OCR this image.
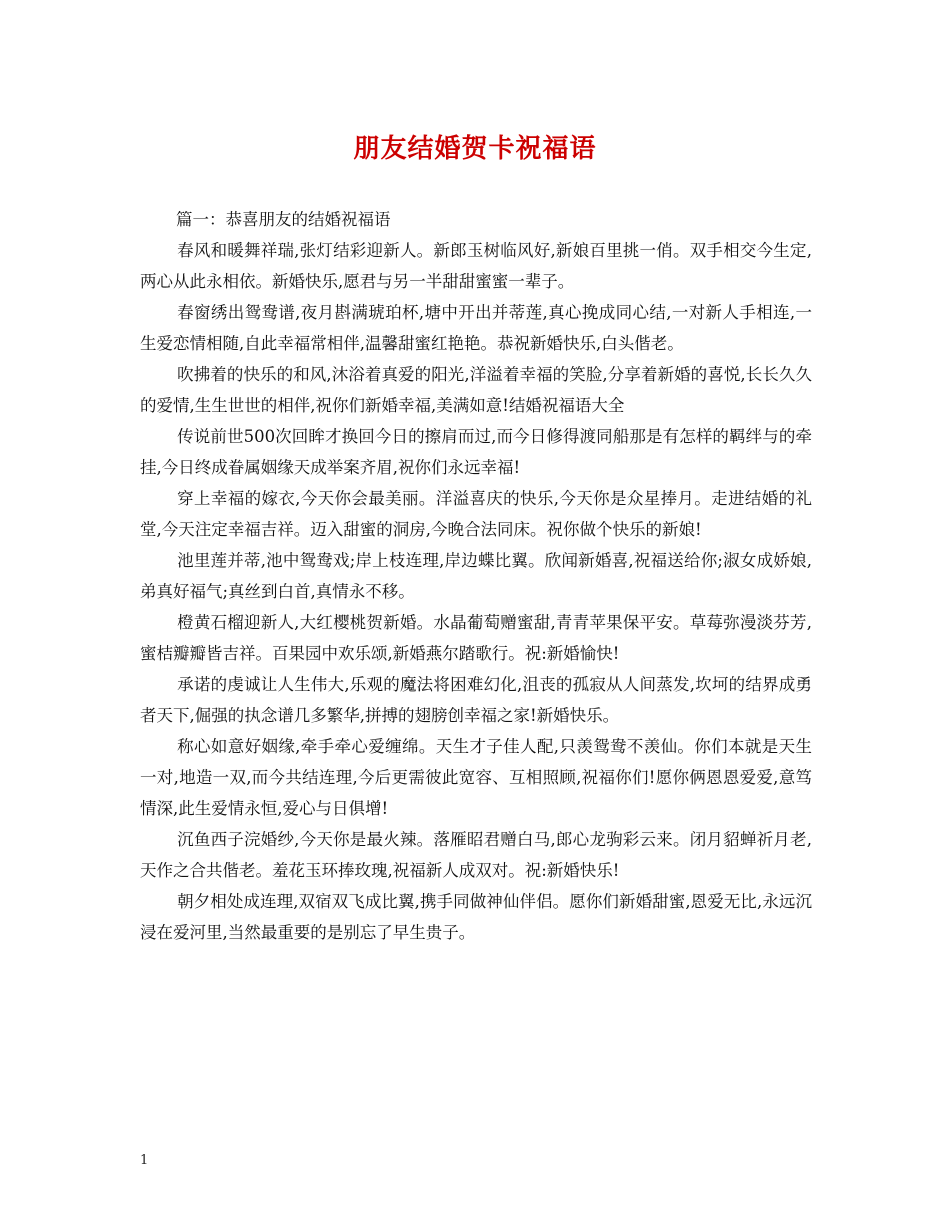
朋友结婚贺卡祝福语

篇一：恭喜朋友的结婚祝福语

春风和暖舞祥瑞,张灯结彩迎新人。新郎玉树临风好,新娘百里挑一俏。双手相交今生定,两心从此永相依。新婚快乐,愿君与另一半甜甜蜜蜜一辈子。

春窗绣出鸳鸯谱,夜月斟满琥珀杯,塘中开出并蒂莲,真心挽成同心结,一对新人手相连,一生爱恋情相随,自此幸福常相伴,温馨甜蜜红艳艳。恭祝新婚快乐,白头偕老。

吹拂着的快乐的和风,沐浴着真爱的阳光,洋溢着幸福的笑脸,分享着新婚的喜悦,长长久久的爱情,生生世世的相伴,祝你们新婚幸福,美满如意!结婚祝福语大全

传说前世500次回眸才换回今日的擦肩而过,而今日修得渡同船那是有怎样的羁绊与的牵挂,今日终成眷属姻缘天成举案齐眉,祝你们永远幸福!

穿上幸福的嫁衣,今天你会最美丽。洋溢喜庆的快乐,今天你是众星捧月。走进结婚的礼堂,今天注定幸福吉祥。迈入甜蜜的洞房,今晚合法同床。祝你做个快乐的新娘!

池里莲并蒂,池中鸳鸯戏;岸上枝连理,岸边蝶比翼。欣闻新婚喜,祝福送给你;淑女成娇娘,弟真好福气;真丝到白首,真情永不移。

橙黄石榴迎新人,大红樱桃贺新婚。水晶葡萄赠蜜甜,青青苹果保平安。草莓弥漫淡芬芳,蜜桔瓣瓣皆吉祥。百果园中欢乐颂,新婚燕尔踏歌行。祝:新婚愉快!

承诺的虔诚让人生伟大,乐观的魔法将困难幻化,沮丧的孤寂从人间蒸发,坎坷的结界成勇者天下,倔强的执念谱几多繁华,拼搏的翅膀创幸福之家!新婚快乐。

称心如意好姻缘,牵手牵心爱缠绵。天生才子佳人配,只羡鸳鸯不羡仙。你们本就是天生一对,地造一双,而今共结连理,今后更需彼此宽容、互相照顾,祝福你们!愿你俩恩恩爱爱,意笃情深,此生爱情永恒,爱心与日俱增!

沉鱼西子浣婚纱,今天你是最火辣。落雁昭君赠白马,郎心龙驹彩云来。闭月貂蝉祈月老,天作之合共偕老。羞花玉环捧玫瑰,祝福新人成双对。祝:新婚快乐!

朝夕相处成连理,双宿双飞成比翼,携手同做神仙伴侣。愿你们新婚甜蜜,恩爱无比,永远沉浸在爱河里,当然最重要的是别忘了早生贵子。

1
